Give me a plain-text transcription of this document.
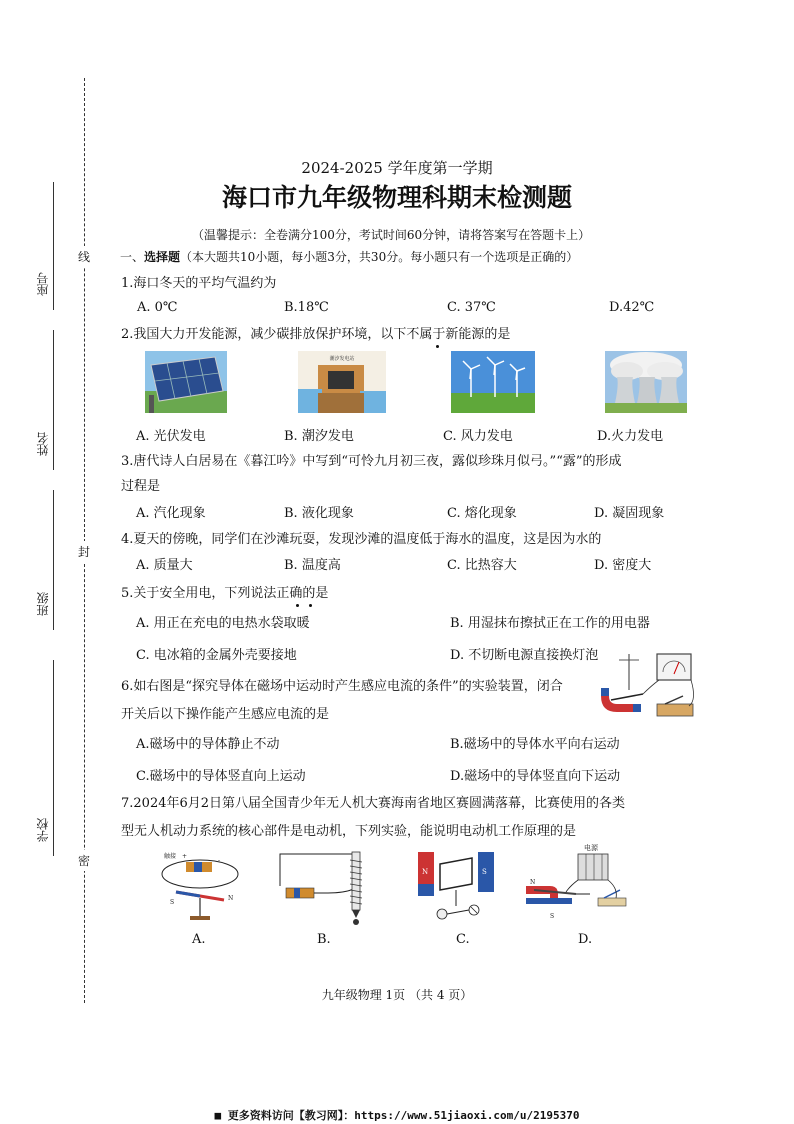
线
封
密
座号
姓名
班级
学校
2024-2025 学年度第一学期
海口市九年级物理科期末检测题
（温馨提示：全卷满分100分，考试时间60分钟，请将答案写在答题卡上）
一、选择题（本大题共10小题，每小题3分，共30分。每小题只有一个选项是正确的）
1.海口冬天的平均气温约为
A. 0℃	B.18℃	C. 37℃	D.42℃
2.我国大力开发能源，减少碳排放保护环境，以下不属于新能源的是
潮汐发电站
A. 光伏发电	B. 潮汐发电	C. 风力发电	D.火力发电
3.唐代诗人白居易在《暮江吟》中写到“可怜九月初三夜，露似珍珠月似弓。”“露”的形成
过程是
A. 汽化现象	B. 液化现象	C. 熔化现象	D. 凝固现象
4.夏天的傍晚，同学们在沙滩玩耍，发现沙滩的温度低于海水的温度，这是因为水的
A. 质量大	B. 温度高	C. 比热容大	D. 密度大
5.关于安全用电，下列说法正确的是
A. 用正在充电的电热水袋取暖	B. 用湿抹布擦拭正在工作的用电器
C. 电冰箱的金属外壳要接地	D. 不切断电源直接换灯泡
6.如右图是“探究导体在磁场中运动时产生感应电流的条件”的实验装置，闭合
开关后以下操作能产生感应电流的是
A.磁场中的导体静止不动	B.磁场中的导体水平向右运动
C.磁场中的导体竖直向上运动	D.磁场中的导体竖直向下运动
7.2024年6月2日第八届全国青少年无人机大赛海南省地区赛圆满落幕，比赛使用的各类
型无人机动力系统的核心部件是电动机，下列实验，能说明电动机工作原理的是
触接 +
-
N
S
N	S
电源
N
S
A.	B.	C.	D.
九年级物理 1页 （共 4 页）
■ 更多资料访问【教习网】：https://www.51jiaoxi.com/u/2195370
